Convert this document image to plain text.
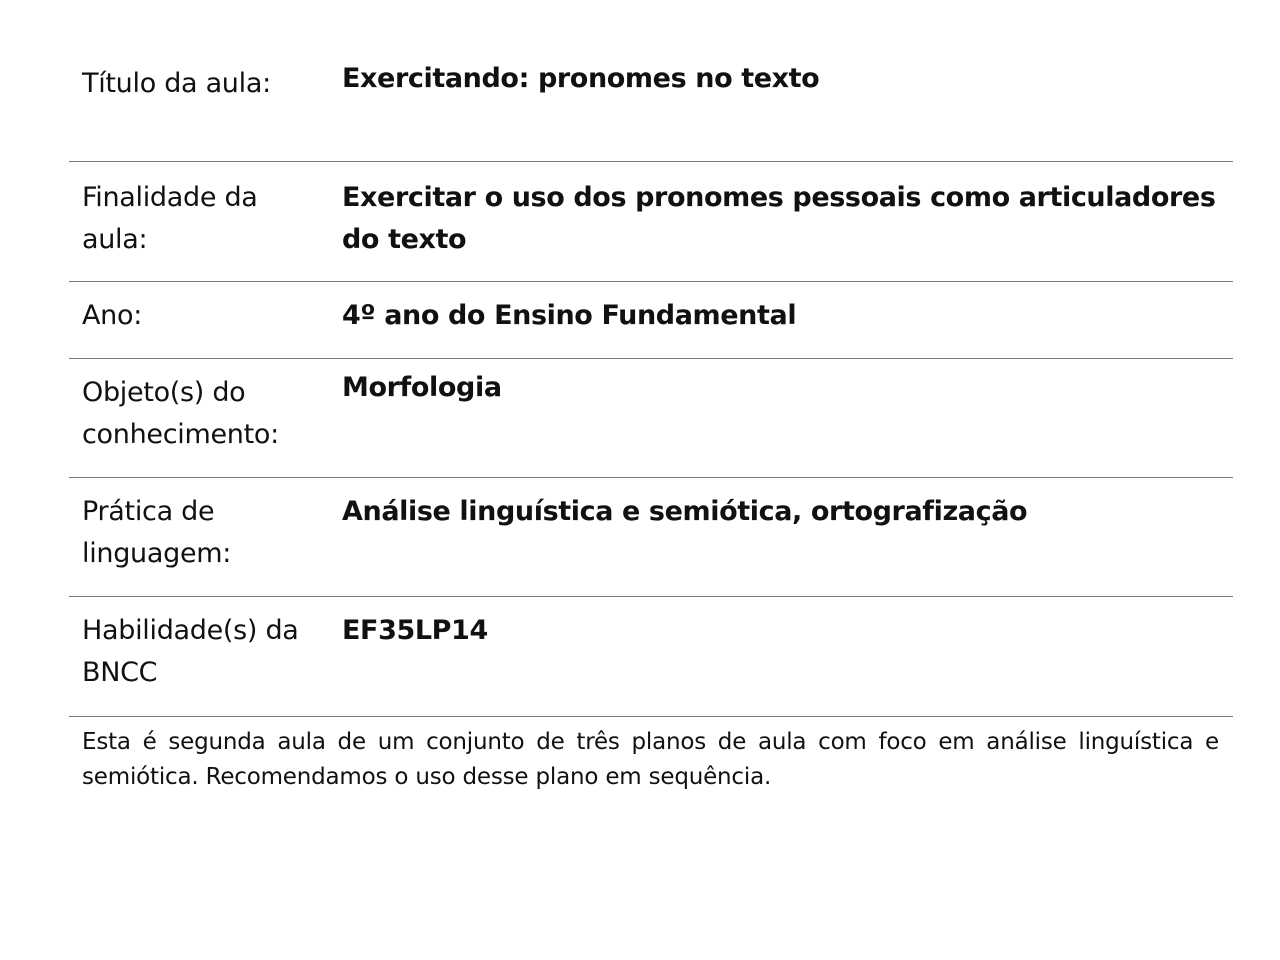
Título da aula:	Exercitando: pronomes no texto
Finalidade da aula:
Exercitar o uso dos pronomes pessoais como articuladores do texto
Ano:	4º ano do Ensino Fundamental
Objeto(s) do conhecimento:
Morfologia
Prática de linguagem:
Análise linguística e semiótica, ortografização
Habilidade(s) da BNCC
EF35LP14
Esta é segunda aula de um conjunto de três planos de aula com foco em análise linguística e semiótica. Recomendamos o uso desse plano em sequência.
